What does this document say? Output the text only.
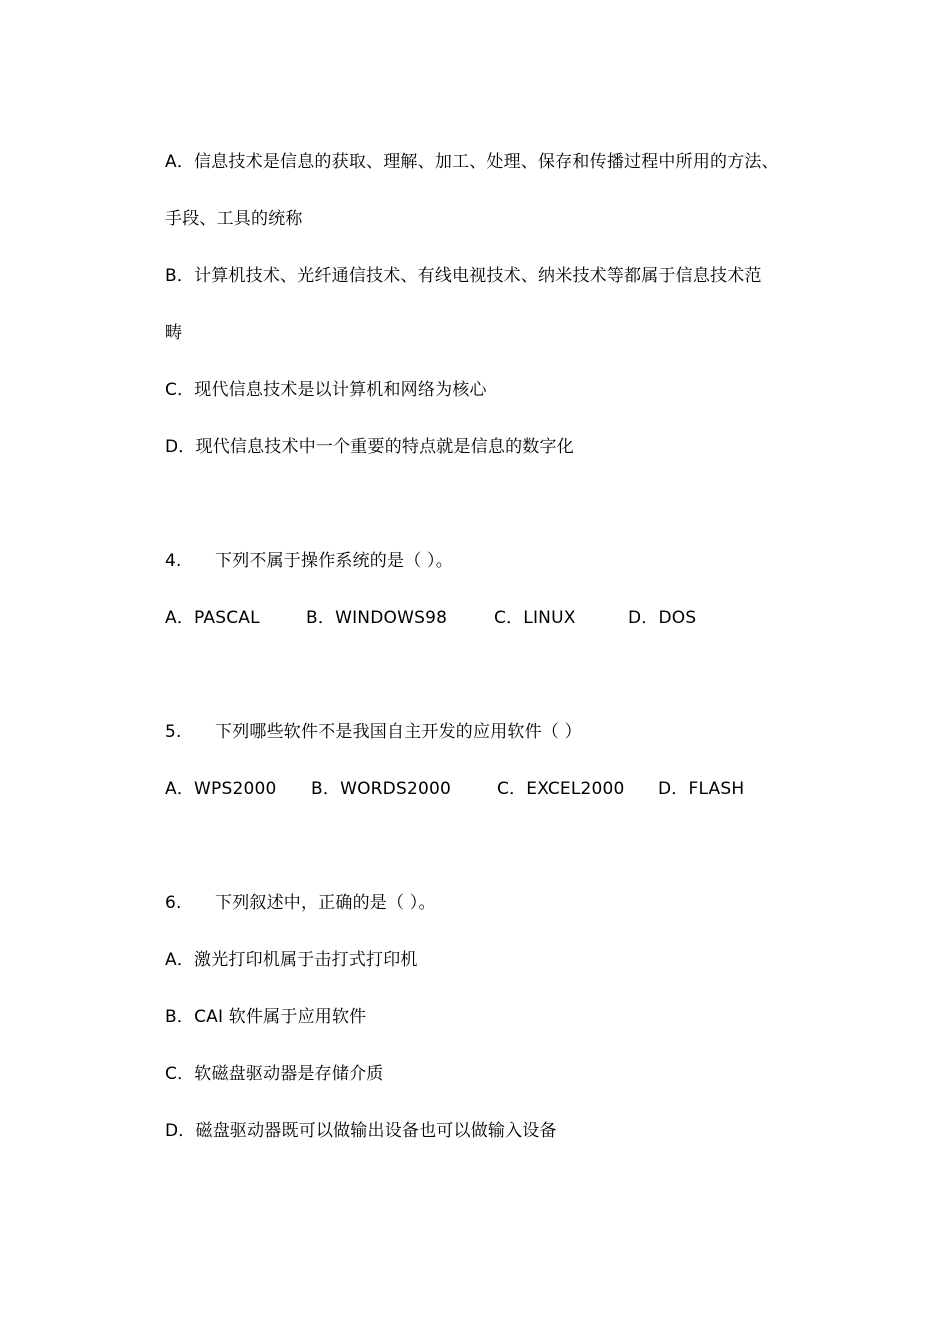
A．信息技术是信息的获取、理解、加工、处理、保存和传播过程中所用的方法、
手段、工具的统称
B．计算机技术、光纤通信技术、有线电视技术、纳米技术等都属于信息技术范
畴
C．现代信息技术是以计算机和网络为核心
D．现代信息技术中一个重要的特点就是信息的数字化
4. 下列不属于操作系统的是（ ）。
A．PASCAL	B．WINDOWS98	C．LINUX	D．DOS
5. 下列哪些软件不是我国自主开发的应用软件（ ）
A．WPS2000 B．WORDS2000	C．EXCEL2000 D．FLASH
6. 下列叙述中，正确的是（ ）。
A．激光打印机属于击打式打印机
B．CAI 软件属于应用软件
C．软磁盘驱动器是存储介质
D．磁盘驱动器既可以做输出设备也可以做输入设备
